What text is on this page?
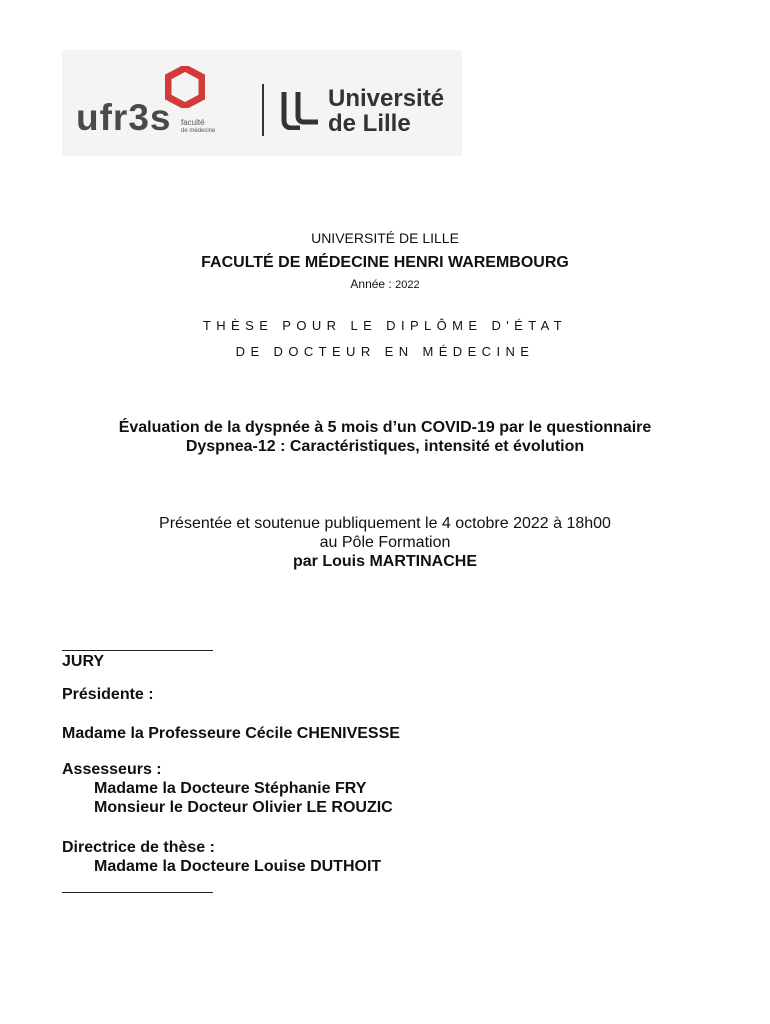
ufr3s faculté
de médecine
Université
de Lille
UNIVERSITÉ DE LILLE
FACULTÉ DE MÉDECINE HENRI WAREMBOURG
Année : 2022
THÈSE POUR LE DIPLÔME D'ÉTAT
DE DOCTEUR EN MÉDECINE
Évaluation de la dyspnée à 5 mois d’un COVID-19 par le questionnaire
Dyspnea-12 : Caractéristiques, intensité et évolution
Présentée et soutenue publiquement le 4 octobre 2022 à 18h00
au Pôle Formation
par Louis MARTINACHE
JURY
Présidente :
Madame la Professeure Cécile CHENIVESSE
Assesseurs :
Madame la Docteure Stéphanie FRY
Monsieur le Docteur Olivier LE ROUZIC
Directrice de thèse :
Madame la Docteure Louise DUTHOIT
